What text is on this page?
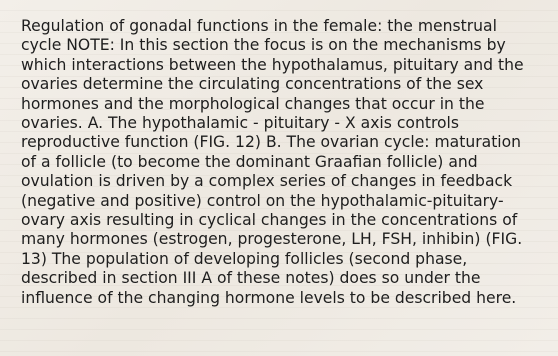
Regulation of gonadal functions in the female: the menstrual
cycle NOTE: In this section the focus is on the mechanisms by
which interactions between the hypothalamus, pituitary and the
ovaries determine the circulating concentrations of the sex
hormones and the morphological changes that occur in the
ovaries. A. The hypothalamic - pituitary - X axis controls
reproductive function (FIG. 12) B. The ovarian cycle: maturation
of a follicle (to become the dominant Graafian follicle) and
ovulation is driven by a complex series of changes in feedback
(negative and positive) control on the hypothalamic-pituitary-
ovary axis resulting in cyclical changes in the concentrations of
many hormones (estrogen, progesterone, LH, FSH, inhibin) (FIG.
13) The population of developing follicles (second phase,
described in section III A of these notes) does so under the
influence of the changing hormone levels to be described here.
